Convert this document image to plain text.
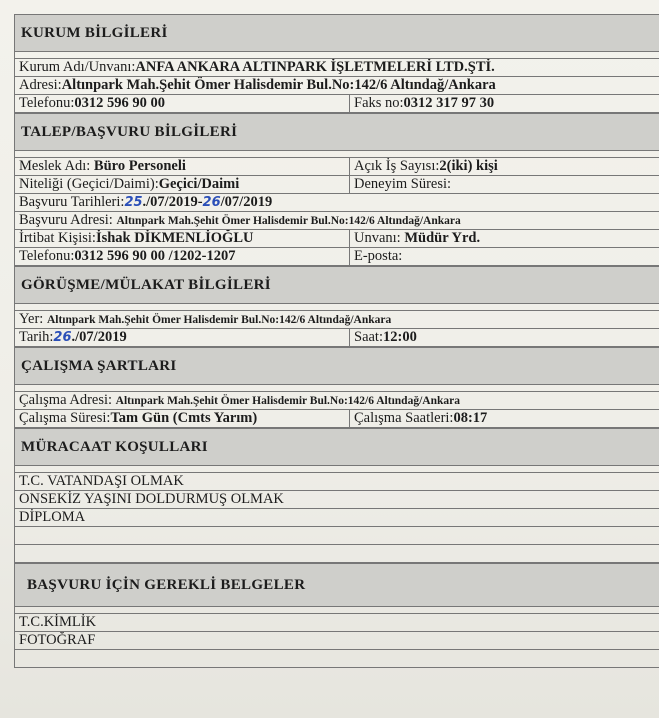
KURUM BİLGİLERİ
Kurum Adı/Unvanı:ANFA ANKARA ALTINPARK İŞLETMELERİ LTD.ŞTİ.
Adresi:Altınpark Mah.Şehit Ömer Halisdemir Bul.No:142/6 Altındağ/Ankara
Telefonu:0312 596 90 00	Faks no:0312 317 97 30
TALEP/BAŞVURU BİLGİLERİ
Meslek Adı: Büro Personeli	Açık İş Sayısı:2(iki) kişi
Niteliği (Geçici/Daimi):Geçici/Daimi	Deneyim Süresi:
Başvuru Tarihleri:25./07/2019-26/07/2019
Başvuru Adresi: Altınpark Mah.Şehit Ömer Halisdemir Bul.No:142/6 Altındağ/Ankara
İrtibat Kişisi:İshak DİKMENLİOĞLU	Unvanı: Müdür Yrd.
Telefonu:0312 596 90 00 /1202-1207	E-posta:
GÖRÜŞME/MÜLAKAT BİLGİLERİ
Yer: Altınpark Mah.Şehit Ömer Halisdemir Bul.No:142/6 Altındağ/Ankara
Tarih:26./07/2019	Saat:12:00
ÇALIŞMA ŞARTLARI
Çalışma Adresi: Altınpark Mah.Şehit Ömer Halisdemir Bul.No:142/6 Altındağ/Ankara
Çalışma Süresi:Tam Gün (Cmts Yarım)	Çalışma Saatleri:08:17
MÜRACAAT KOŞULLARI
T.C. VATANDAŞI OLMAK
ONSEKİZ YAŞINI DOLDURMUŞ OLMAK
DİPLOMA
BAŞVURU İÇİN GEREKLİ BELGELER
T.C.KİMLİK
FOTOĞRAF
